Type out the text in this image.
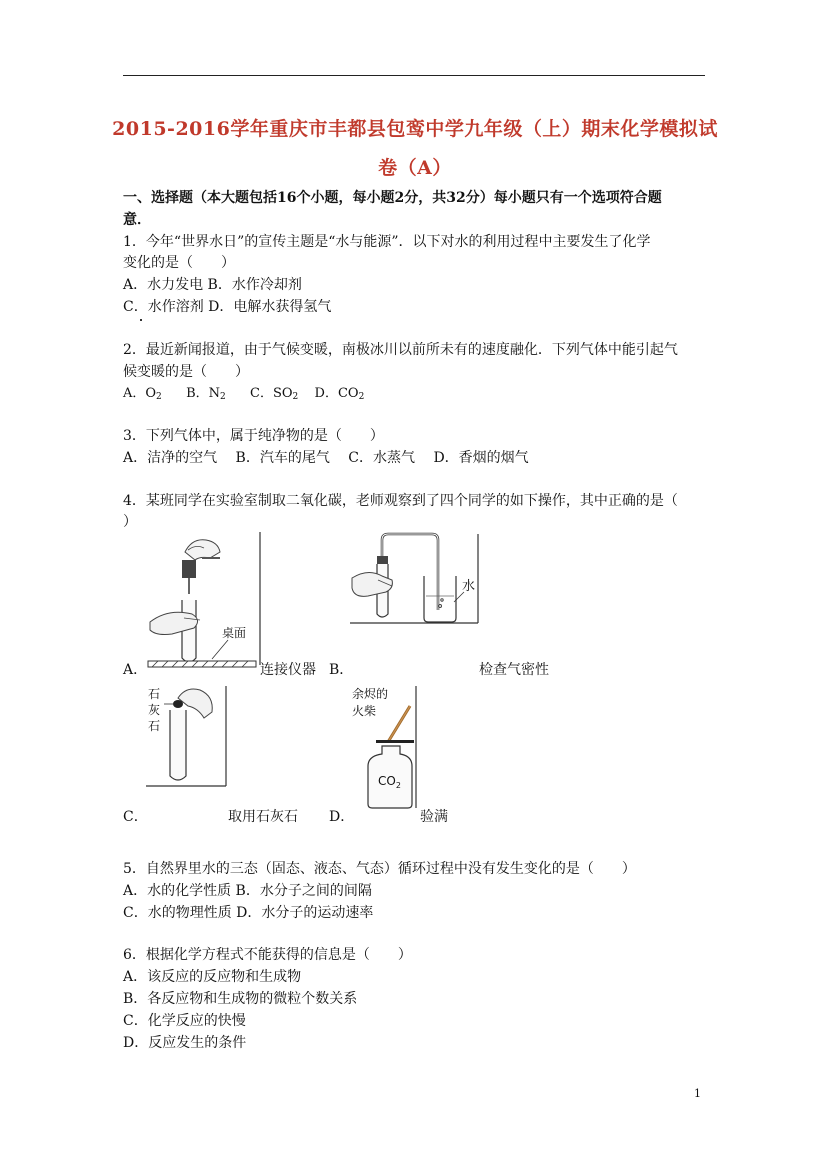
2015-2016学年重庆市丰都县包鸾中学九年级（上）期末化学模拟试
卷（A）
一、选择题（本大题包括16个小题，每小题2分，共32分）每小题只有一个选项符合题
意．
1．今年“世界水日”的宣传主题是“水与能源”．以下对水的利用过程中主要发生了化学
变化的是（　　）
A．水力发电 B．水作冷却剂
C．水作溶剂 D．电解水获得氢气
2．最近新闻报道，由于气候变暖，南极冰川以前所未有的速度融化．下列气体中能引起气
候变暖的是（　　）
A．$O_2$ B．$N_2$ C．$SO_2$ D．$CO_2$
3．下列气体中，属于纯净物的是（　　）
A．洁净的空气　 B．汽车的尾气　 C．水蒸气　 D．香烟的烟气
4．某班同学在实验室制取二氧化碳，老师观察到了四个同学的如下操作，其中正确的是（
）
桌面
A．	连接仪器
水
B．	检查气密性
石
灰
石
C．	取用石灰石
余烬的
火柴
$CO_2$
D．	验满
5．自然界里水的三态（固态、液态、气态）循环过程中没有发生变化的是（　　）
A．水的化学性质 B．水分子之间的间隔
C．水的物理性质 D．水分子的运动速率
6．根据化学方程式不能获得的信息是（　　）
A．该反应的反应物和生成物
B．各反应物和生成物的微粒个数关系
C．化学反应的快慢
D．反应发生的条件
1
